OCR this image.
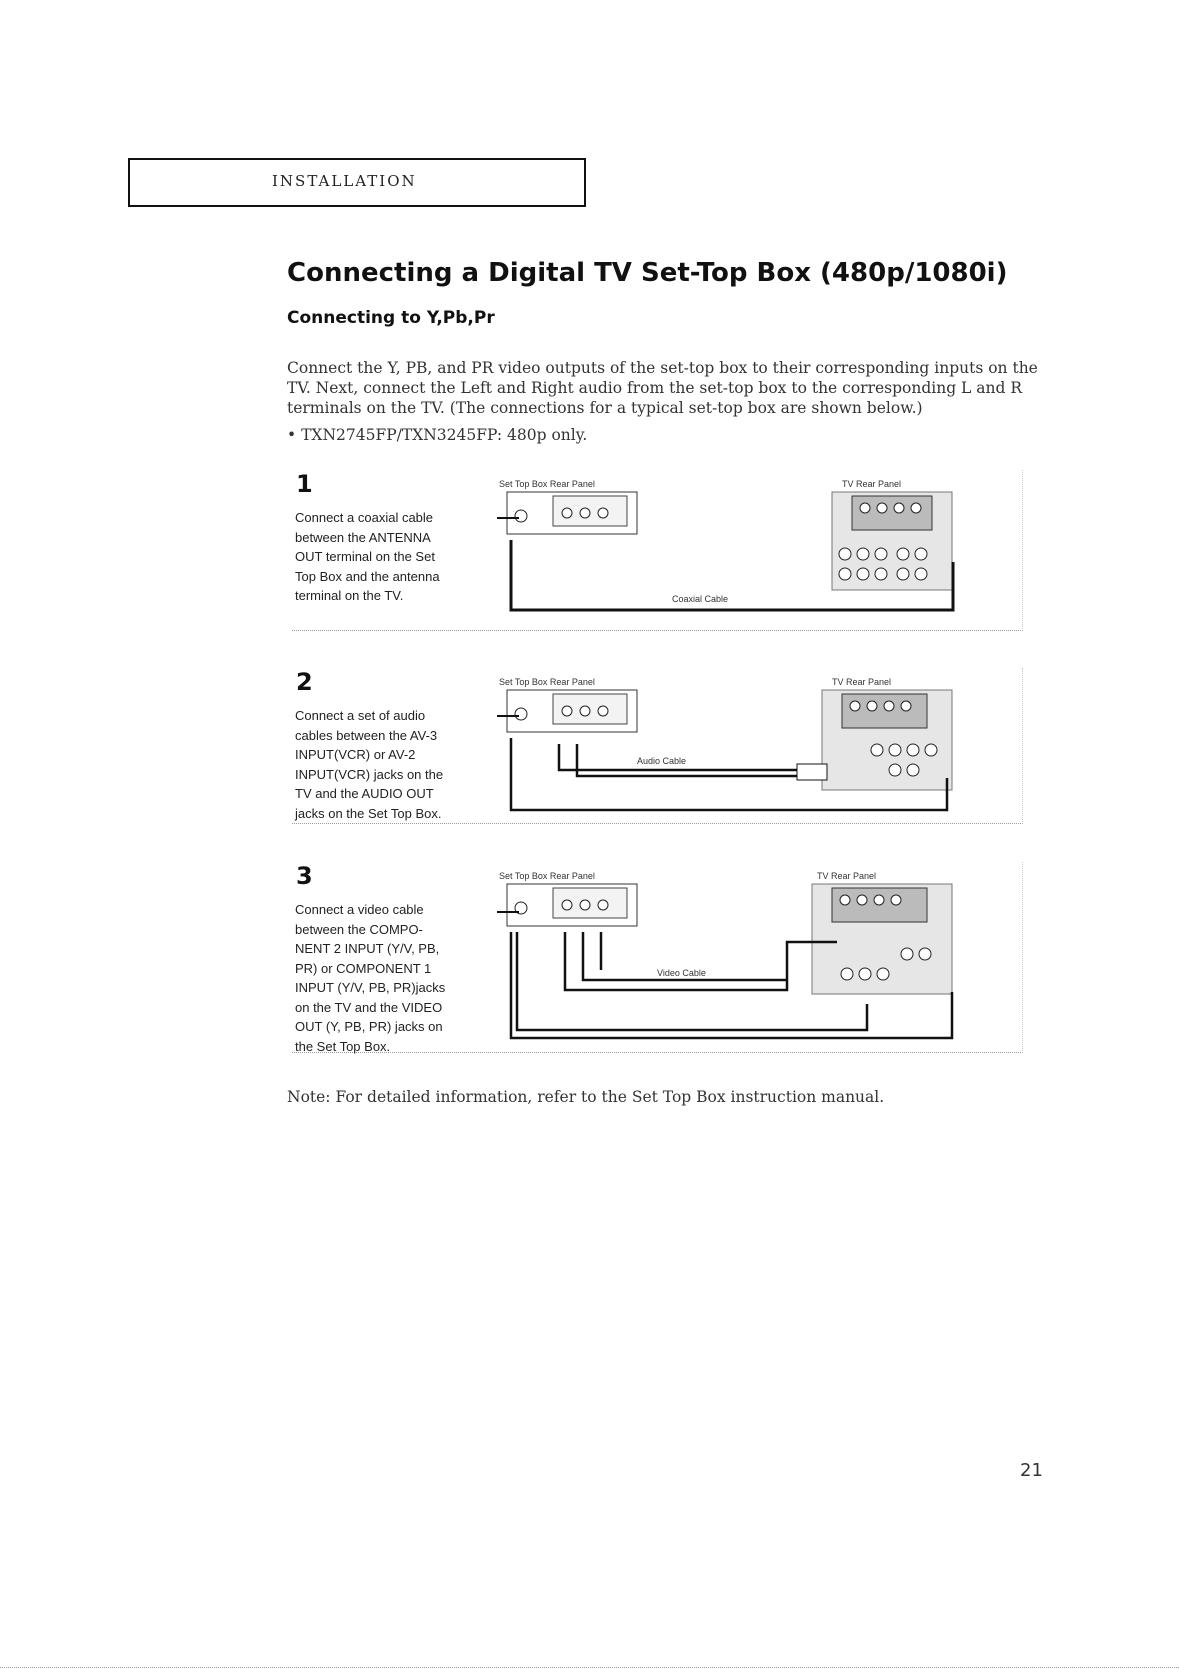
INSTALLATION
Connecting a Digital TV Set-Top Box (480p/1080i)
Connecting to Y,Pb,Pr

Connect the Y, PB, and PR video outputs of the set-top box to their corresponding inputs on the TV. Next, connect the Left and Right audio from the set-top box to the corresponding L and R terminals on the TV. (The connections for a typical set-top box are shown below.)

• TXN2745FP/TXN3245FP: 480p only.

1

Connect a coaxial cable
between the ANTENNA
OUT terminal on the Set
Top Box and the antenna
terminal on the TV.

Set Top Box Rear Panel	TV Rear Panel
Coaxial Cable
2

Connect a set of audio
cables between the AV-3
INPUT(VCR) or AV-2
INPUT(VCR) jacks on the
TV and the AUDIO OUT
jacks on the Set Top Box.

Set Top Box Rear Panel	TV Rear Panel
Audio Cable
3

Connect a video cable
between the COMPO-
NENT 2 INPUT (Y/V, PB,
PR) or COMPONENT 1
INPUT (Y/V, PB, PR)jacks
on the TV and the VIDEO
OUT (Y, PB, PR) jacks on
the Set Top Box.

Set Top Box Rear Panel	TV Rear Panel
Video Cable

Note: For detailed information, refer to the Set Top Box instruction manual.

21
